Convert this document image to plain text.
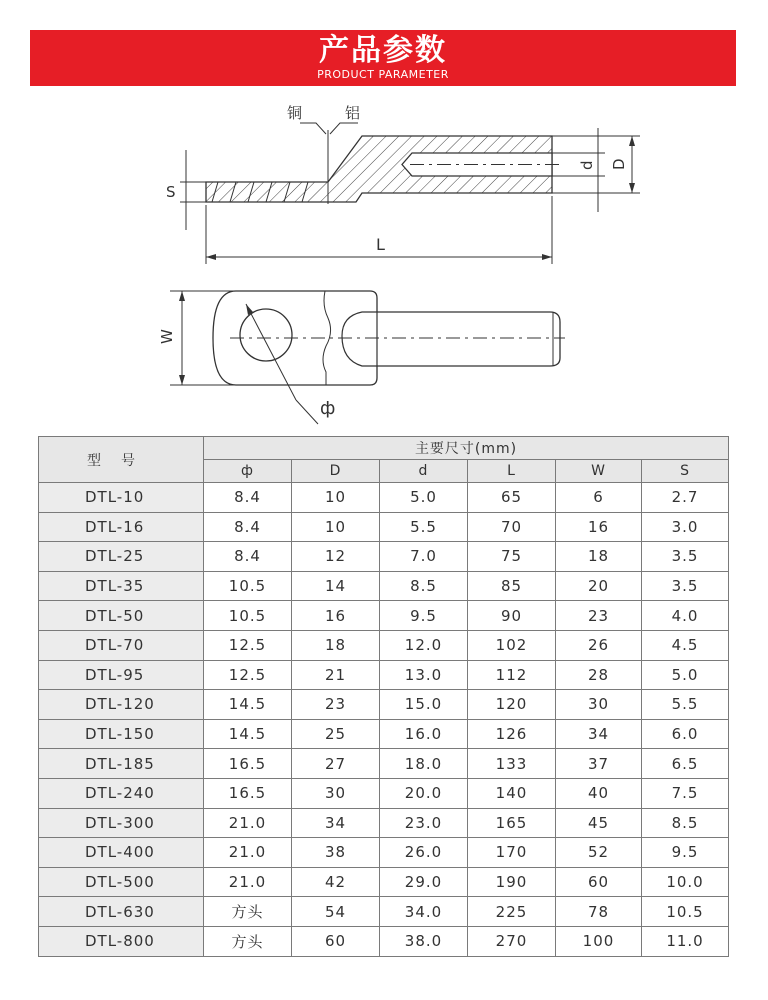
产品参数
PRODUCT PARAMETER
铜	铝
S
L
d D
W
ф
型号	主要尺寸(mm)					
	ф	D	d	L	W	S
DTL-10	8.4	10	5.0	65	6	2.7
DTL-16	8.4	10	5.5	70	16	3.0
DTL-25	8.4	12	7.0	75	18	3.5
DTL-35	10.5	14	8.5	85	20	3.5
DTL-50	10.5	16	9.5	90	23	4.0
DTL-70	12.5	18	12.0	102	26	4.5
DTL-95	12.5	21	13.0	112	28	5.0
DTL-120	14.5	23	15.0	120	30	5.5
DTL-150	14.5	25	16.0	126	34	6.0
DTL-185	16.5	27	18.0	133	37	6.5
DTL-240	16.5	30	20.0	140	40	7.5
DTL-300	21.0	34	23.0	165	45	8.5
DTL-400	21.0	38	26.0	170	52	9.5
DTL-500	21.0	42	29.0	190	60	10.0
DTL-630	方头	54	34.0	225	78	10.5
DTL-800	方头	60	38.0	270	100	11.0
